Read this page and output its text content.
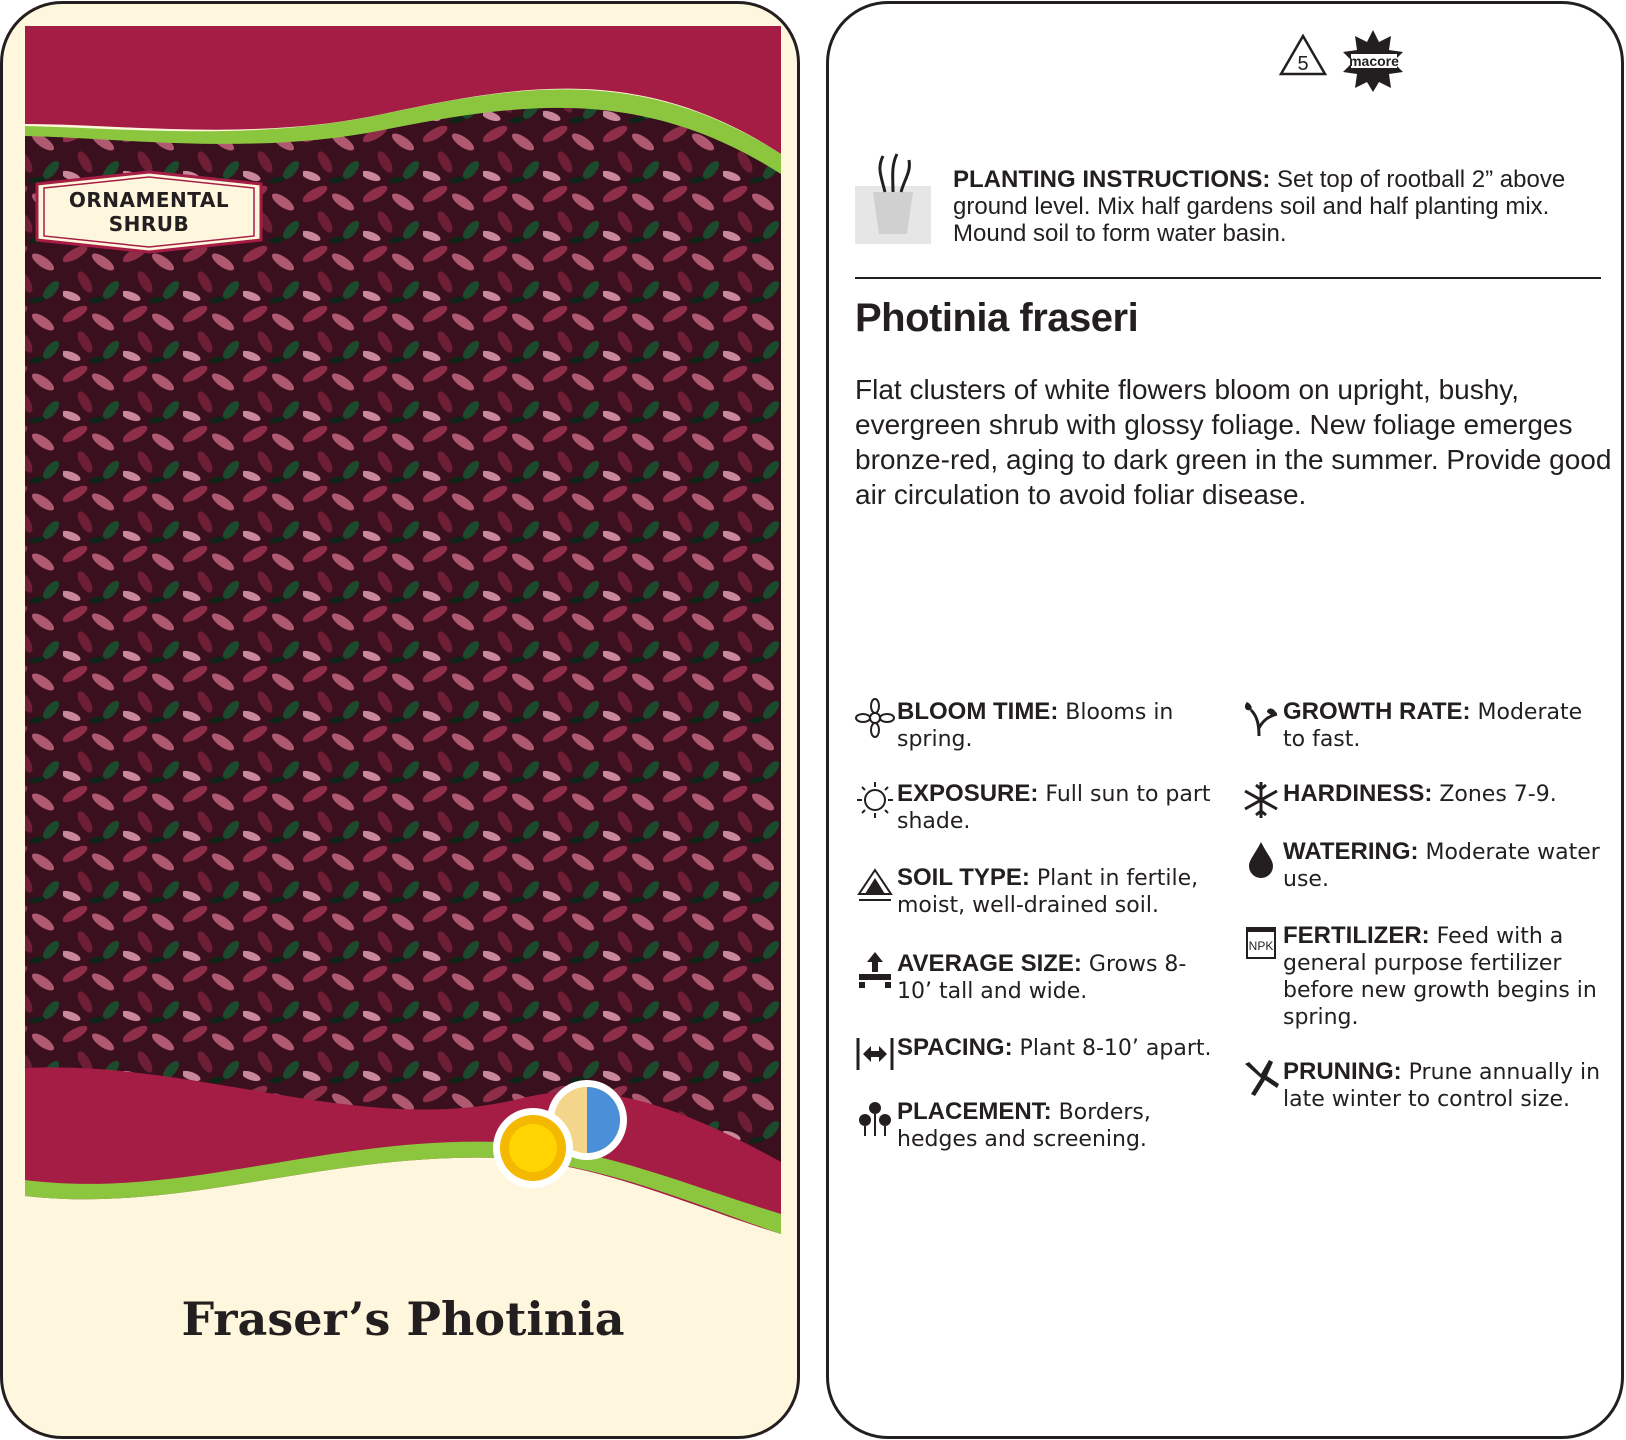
ORNAMENTAL
SHRUB
Fraser’s Photinia
5	macore
PLANTING INSTRUCTIONS: Set top of rootball 2” above ground level. Mix half gardens soil and half planting mix. Mound soil to form water basin.
Photinia fraseri
Flat clusters of white flowers bloom on upright, bushy, evergreen shrub with glossy foliage. New foliage emerges bronze-red, aging to dark green in the summer. Provide good air circulation to avoid foliar disease.
BLOOM TIME: Blooms in spring.
EXPOSURE: Full sun to part shade.
SOIL TYPE: Plant in fertile, moist, well-drained soil.
AVERAGE SIZE: Grows 8-10’ tall and wide.
SPACING: Plant 8-10’ apart.
PLACEMENT: Borders, hedges and screening.
GROWTH RATE: Moderate to fast.
HARDINESS: Zones 7-9.
WATERING: Moderate water use.
NPK FERTILIZER: Feed with a general purpose fertilizer before new growth begins in spring.
PRUNING: Prune annually in late winter to control size.
